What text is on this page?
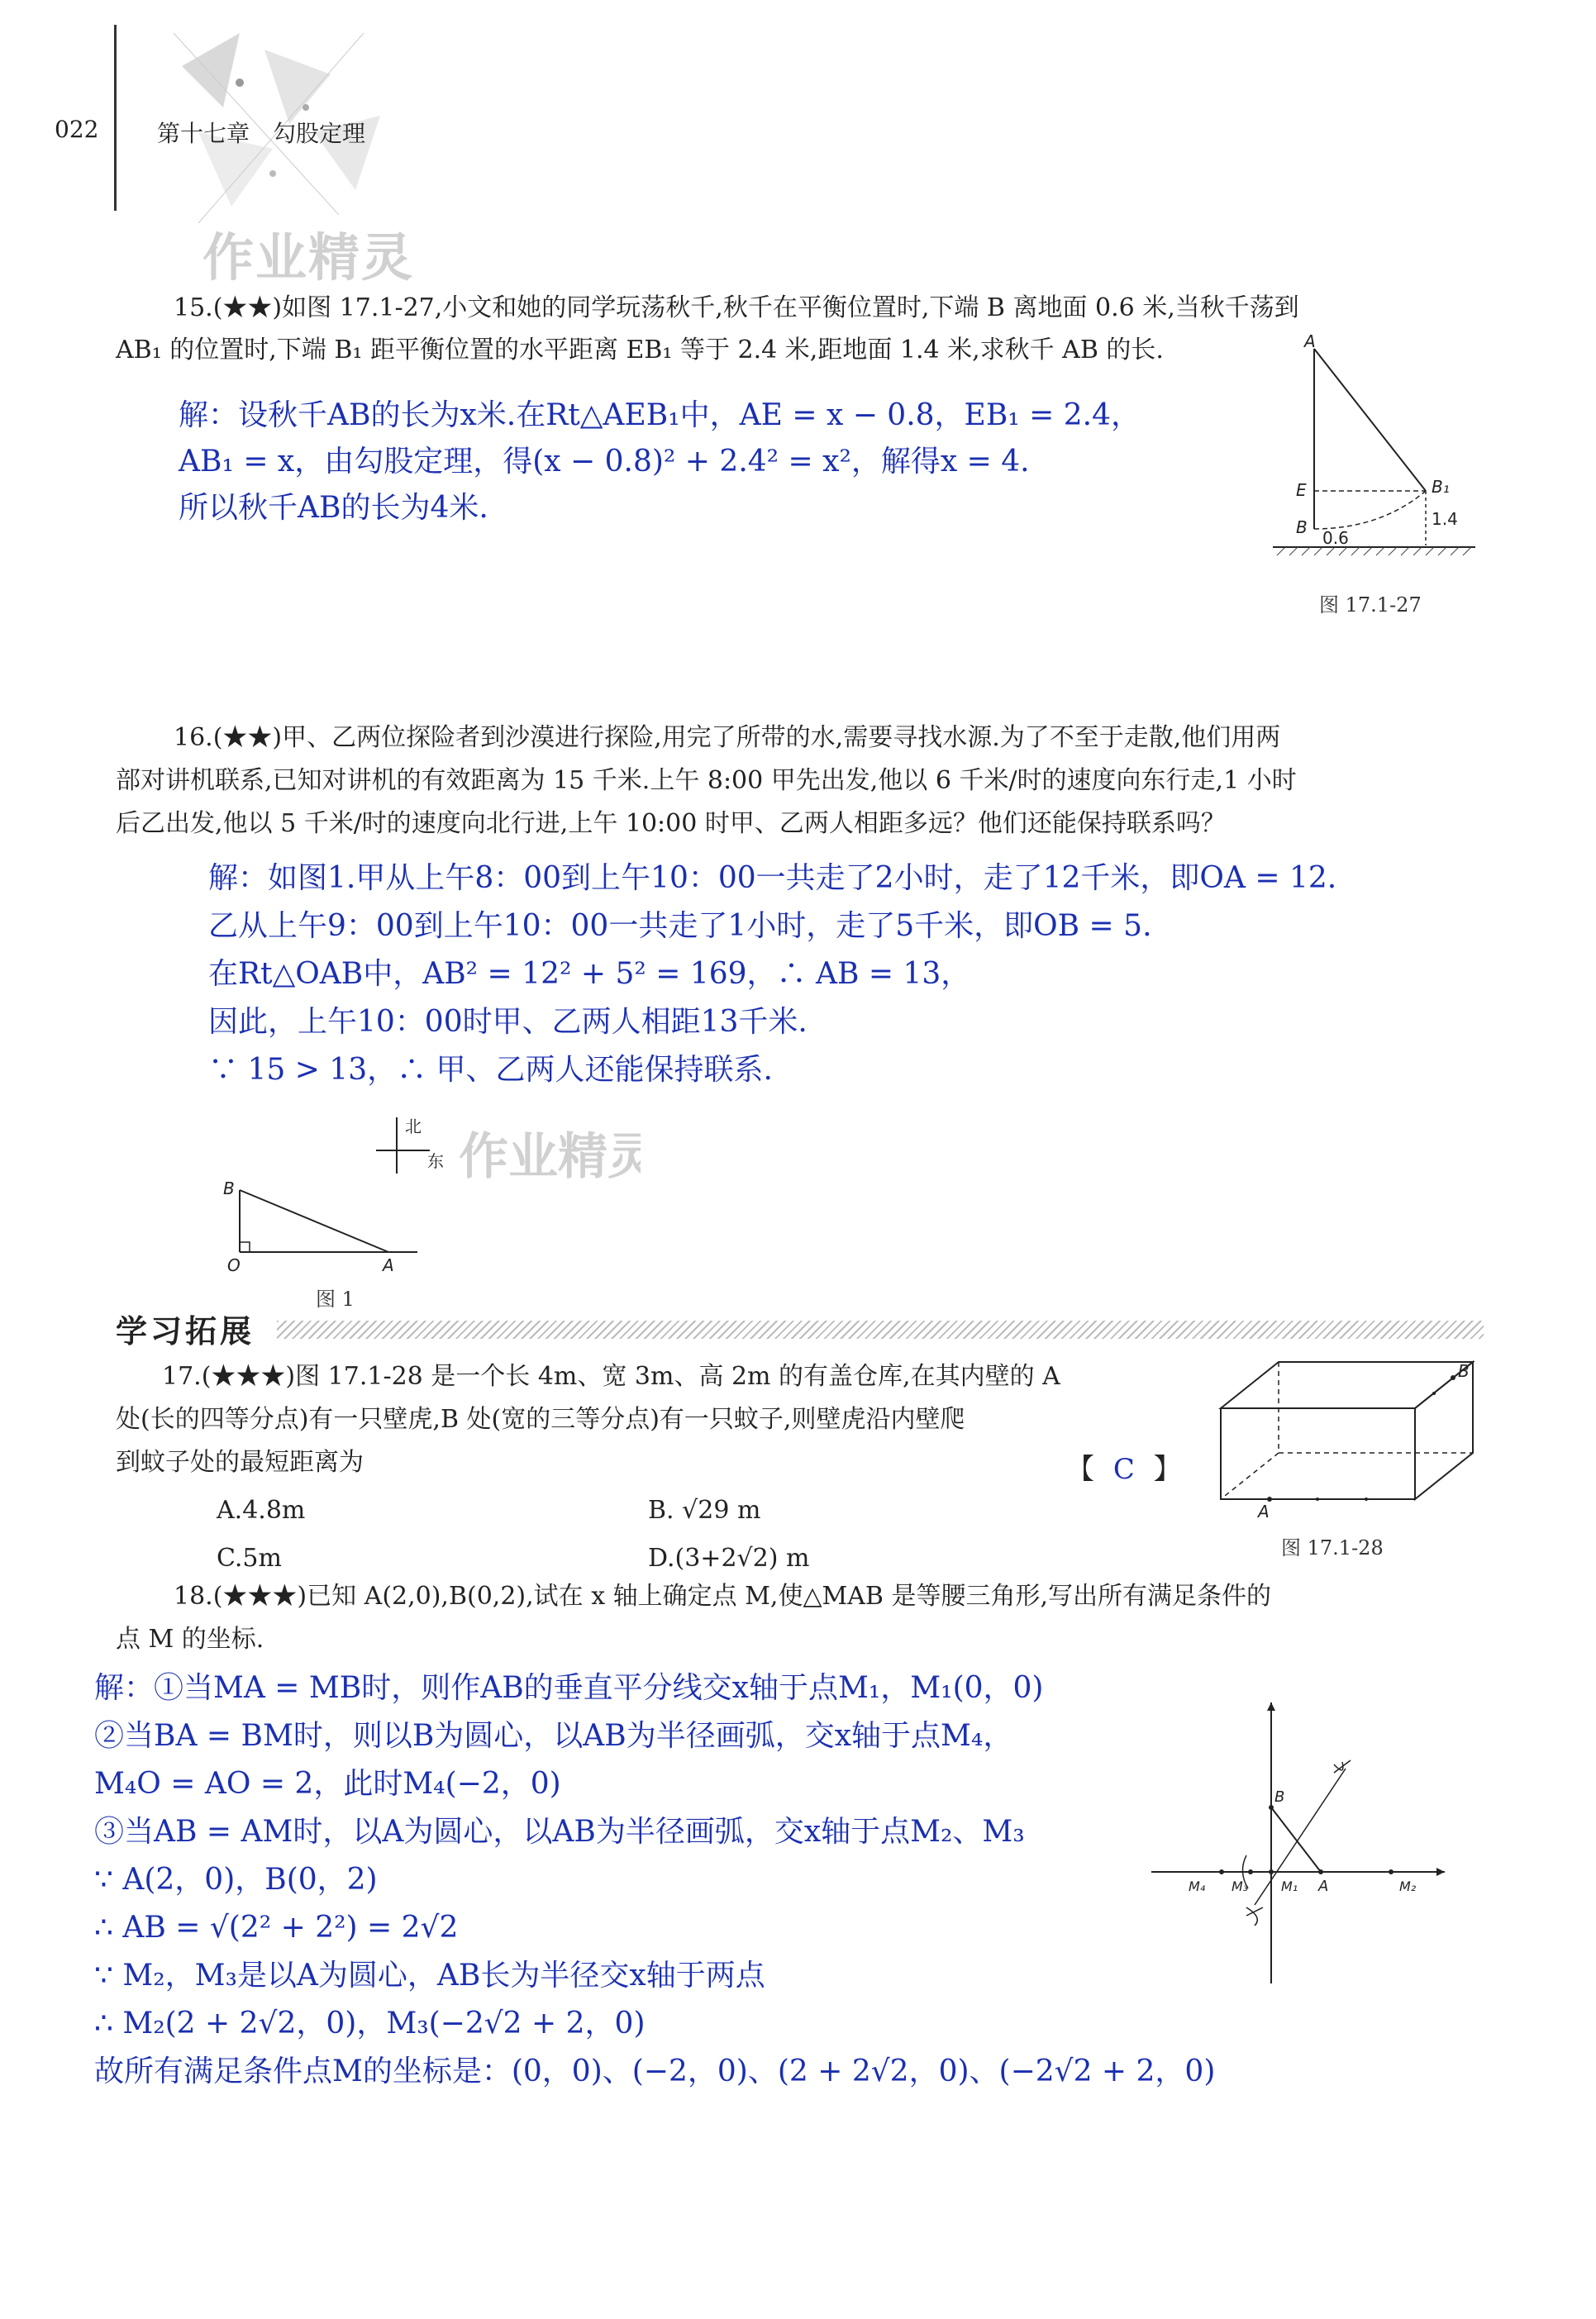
022	第十七章　勾股定理
作业精灵
15.(★★)如图 17.1-27,小文和她的同学玩荡秋千,秋千在平衡位置时,下端 B 离地面 0.6 米,当秋千荡到
AB₁ 的位置时,下端 B₁ 距平衡位置的水平距离 EB₁ 等于 2.4 米,距地面 1.4 米,求秋千 AB 的长.
解：设秋千AB的长为x米.在Rt△AEB₁中，AE = x − 0.8，EB₁ = 2.4，
AB₁ = x，由勾股定理，得(x − 0.8)² + 2.4² = x²，解得x = 4.
所以秋千AB的长为4米.
A
E
B
B₁
0.6
1.4
图 17.1-27
16.(★★)甲、乙两位探险者到沙漠进行探险,用完了所带的水,需要寻找水源.为了不至于走散,他们用两
部对讲机联系,已知对讲机的有效距离为 15 千米.上午 8:00 甲先出发,他以 6 千米/时的速度向东行走,1 小时
后乙出发,他以 5 千米/时的速度向北行进,上午 10:00 时甲、乙两人相距多远？他们还能保持联系吗？
解：如图1.甲从上午8：00到上午10：00一共走了2小时，走了12千米，即OA = 12.
乙从上午9：00到上午10：00一共走了1小时，走了5千米，即OB = 5.
在Rt△OAB中，AB² = 12² + 5² = 169，∴ AB = 13，
因此，上午10：00时甲、乙两人相距13千米.
∵ 15 > 13，∴ 甲、乙两人还能保持联系.
北
东 作业精灵
B
O	A
图 1
学习拓展
17.(★★★)图 17.1-28 是一个长 4m、宽 3m、高 2m 的有盖仓库,在其内壁的 A
处(长的四等分点)有一只壁虎,B 处(宽的三等分点)有一只蚊子,则壁虎沿内壁爬
到蚊子处的最短距离为	【 C 】
A.4.8m	B. √29 m
C.5m	D.(3+2√2) m
A
B
图 17.1-28
18.(★★★)已知 A(2,0),B(0,2),试在 x 轴上确定点 M,使△MAB 是等腰三角形,写出所有满足条件的
点 M 的坐标.
解：①当MA = MB时，则作AB的垂直平分线交x轴于点M₁，M₁(0，0)
②当BA = BM时，则以B为圆心，以AB为半径画弧，交x轴于点M₄，
M₄O = AO = 2，此时M₄(−2，0)
③当AB = AM时，以A为圆心，以AB为半径画弧，交x轴于点M₂、M₃
∵ A(2，0)，B(0，2)
∴ AB = √(2² + 2²) = 2√2
∵ M₂，M₃是以A为圆心，AB长为半径交x轴于两点
∴ M₂(2 + 2√2，0)，M₃(−2√2 + 2，0)
故所有满足条件点M的坐标是：(0，0)、(−2，0)、(2 + 2√2，0)、(−2√2 + 2，0)
B
M₄ M₃ M₁ A	M₂
